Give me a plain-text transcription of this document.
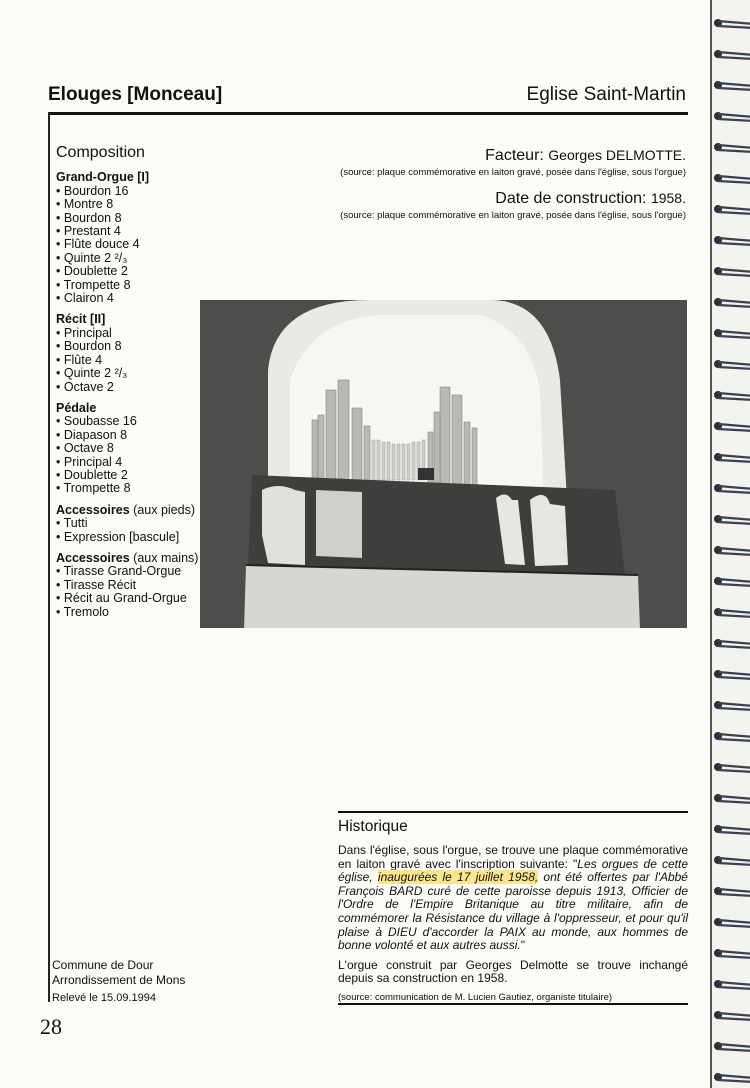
Elouges [Monceau]	Eglise Saint-Martin
Composition
Grand-Orgue [I]
• Bourdon 16
• Montre 8
• Bourdon 8
• Prestant 4
• Flûte douce 4
• Quinte 2 ²/₃
• Doublette 2
• Trompette 8
• Clairon 4
Récit [II]
• Principal
• Bourdon 8
• Flûte 4
• Quinte 2 ²/₃
• Octave 2
Pédale
• Soubasse 16
• Diapason 8
• Octave 8
• Principal 4
• Doublette 2
• Trompette 8
Accessoires (aux pieds)
• Tutti
• Expression [bascule]
Accessoires (aux mains)
• Tirasse Grand-Orgue
• Tirasse Récit
• Récit au Grand-Orgue
• Tremolo
Facteur: Georges DELMOTTE.
(source: plaque commémorative en laiton gravé, posée dans l'église, sous l'orgue)
Date de construction: 1958.
(source: plaque commémorative en laiton gravé, posée dans l'église, sous l'orgue)
Historique

Dans l'église, sous l'orgue, se trouve une plaque commémorative en laiton gravé avec l'inscription suivante: "Les orgues de cette église, inaugurées le 17 juillet 1958, ont été offertes par l'Abbé François BARD curé de cette paroisse depuis 1913, Officier de l'Ordre de l'Empire Britanique au titre militaire, afin de commémorer la Résistance du village à l'oppresseur, et pour qu'il plaise à DIEU d'accorder la PAIX au monde, aux hommes de bonne volonté et aux autres aussi."

L'orgue construit par Georges Delmotte se trouve inchangé depuis sa construction en 1958.

(source: communication de M. Lucien Gautiez, organiste titulaire)
Commune de Dour
Arrondissement de Mons
Relevé le 15.09.1994
28
